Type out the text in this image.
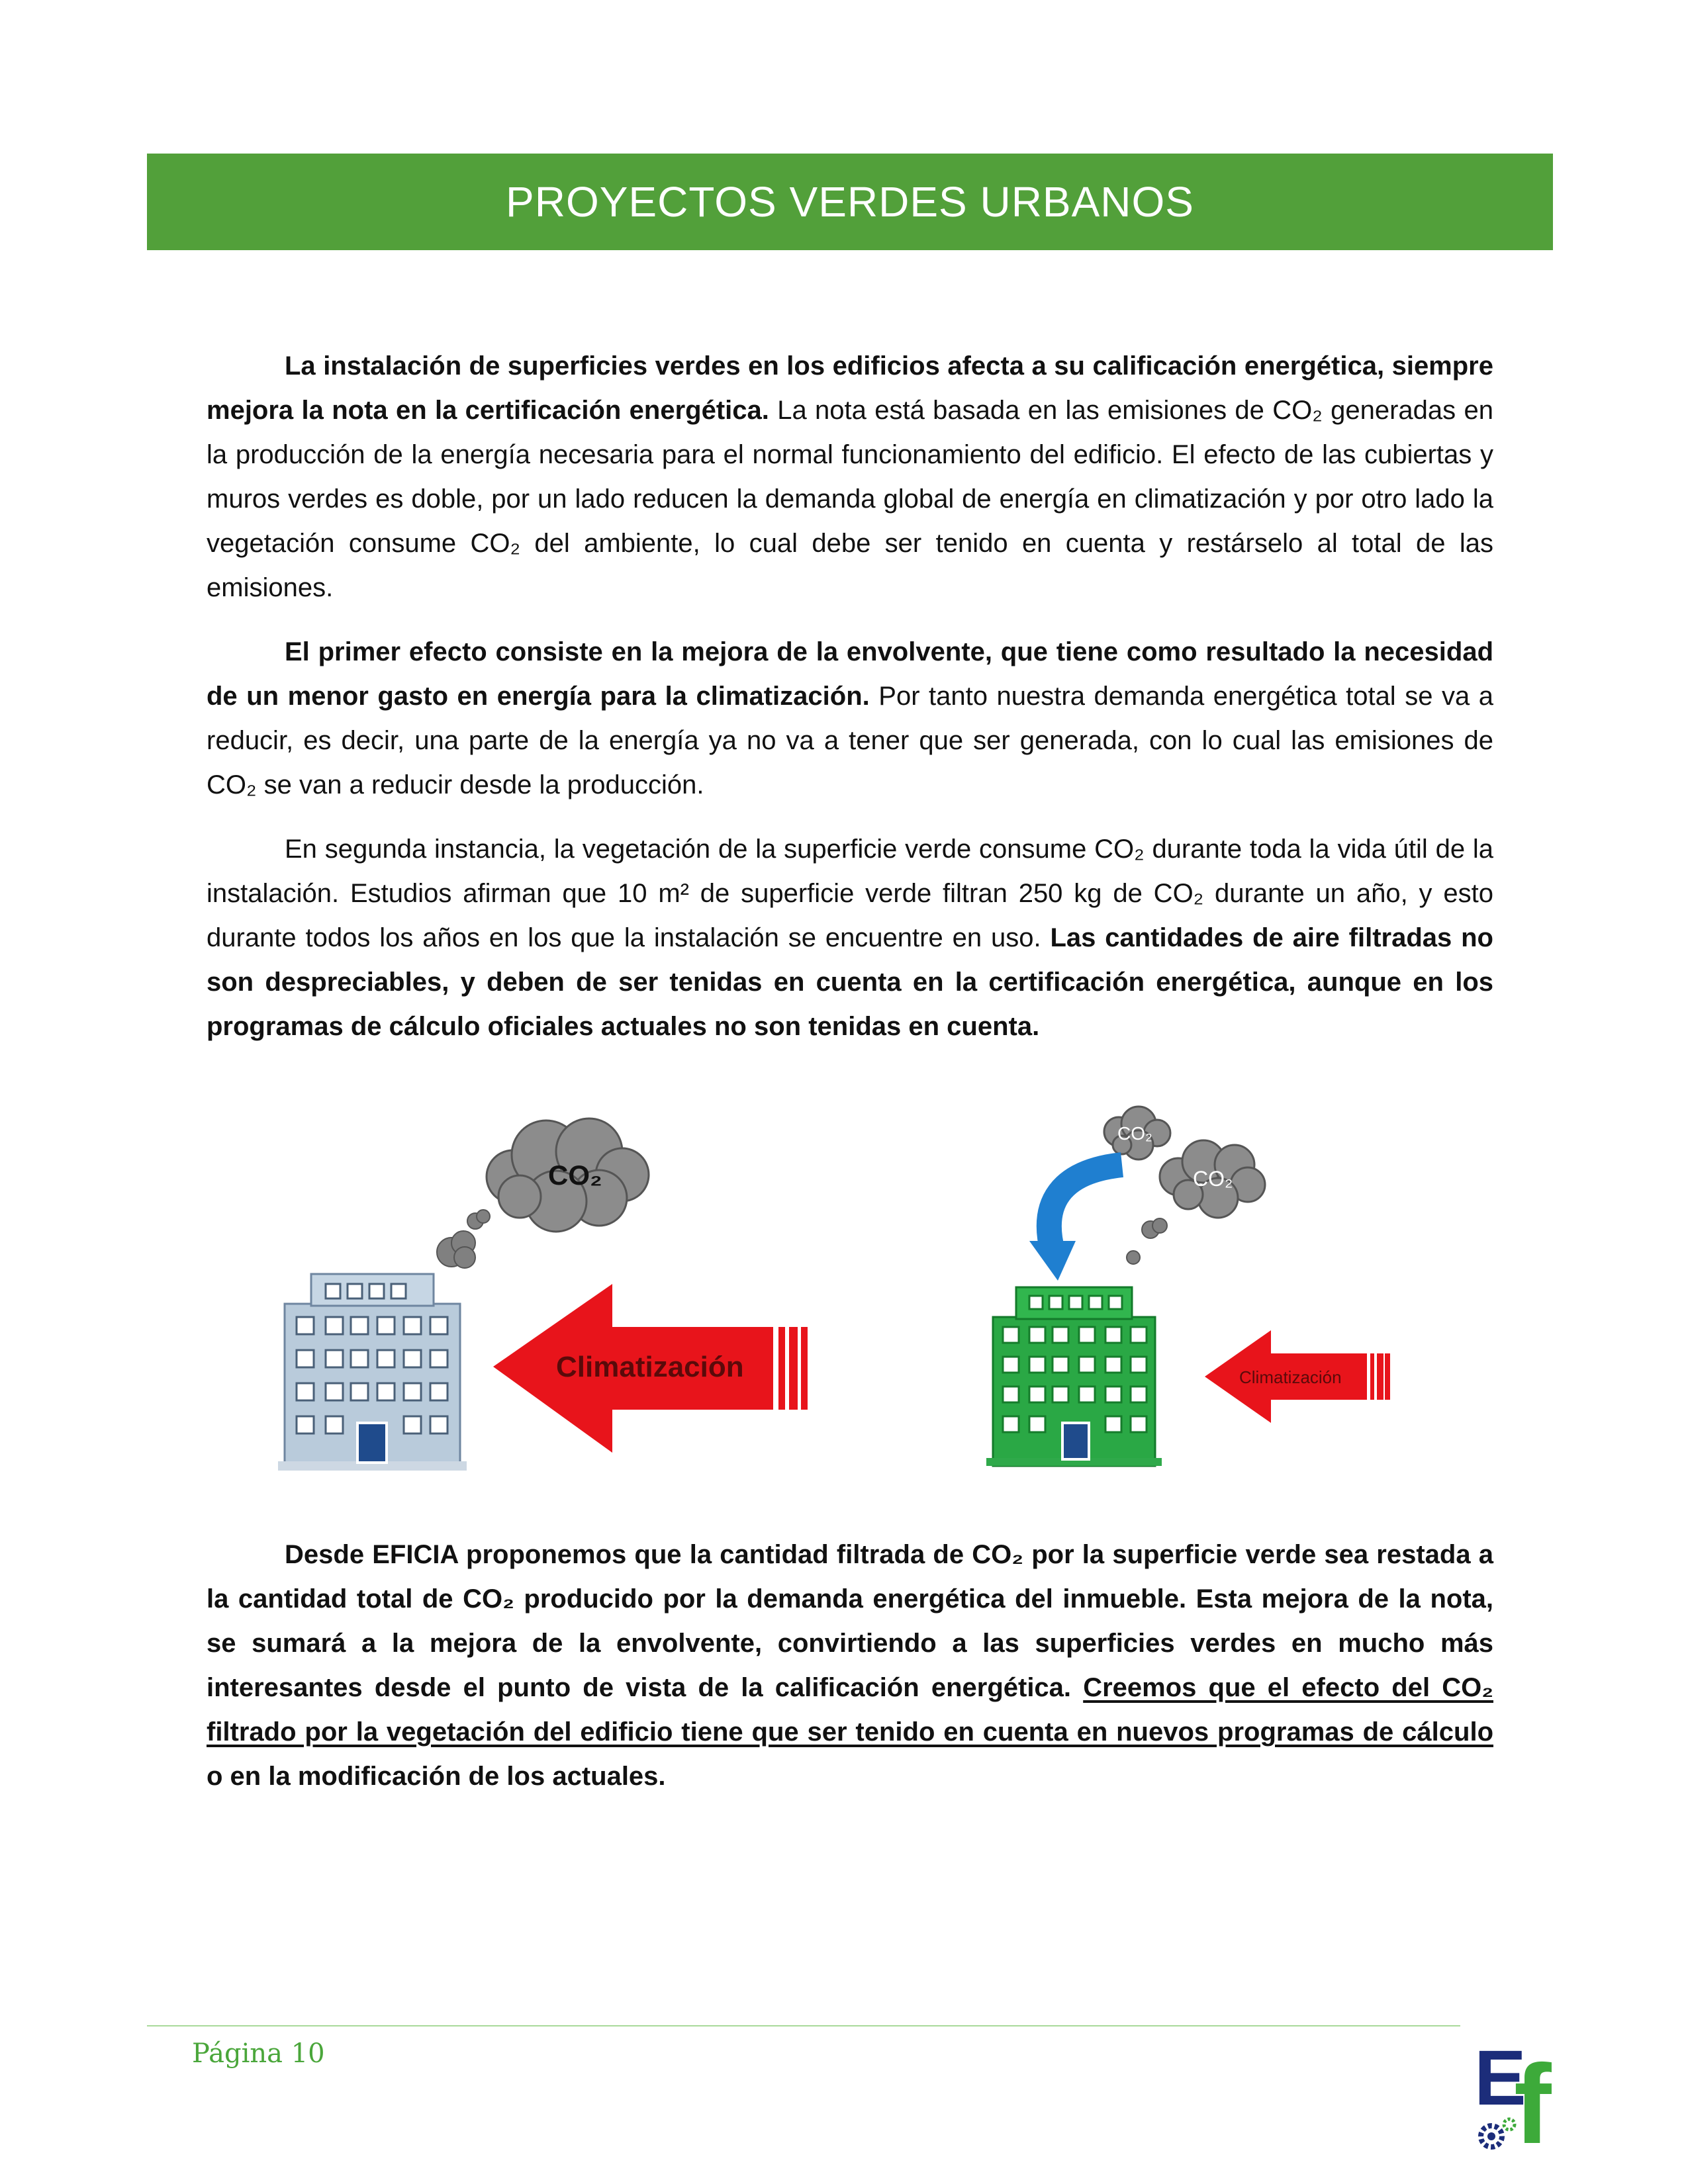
PROYECTOS VERDES URBANOS

La instalación de superficies verdes en los edificios afecta a su calificación energética, siempre mejora la nota en la certificación energética. La nota está basada en las emisiones de CO₂ generadas en la producción de la energía necesaria para el normal funcionamiento del edificio. El efecto de las cubiertas y muros verdes es doble, por un lado reducen la demanda global de energía en climatización y por otro lado la vegetación consume CO₂ del ambiente, lo cual debe ser tenido en cuenta y restárselo al total de las emisiones.

El primer efecto consiste en la mejora de la envolvente, que tiene como resultado la necesidad de un menor gasto en energía para la climatización. Por tanto nuestra demanda energética total se va a reducir, es decir, una parte de la energía ya no va a tener que ser generada, con lo cual las emisiones de CO₂ se van a reducir desde la producción.

En segunda instancia, la vegetación de la superficie verde consume CO₂ durante toda la vida útil de la instalación. Estudios afirman que 10 m² de superficie verde filtran 250 kg de CO₂ durante un año, y esto durante todos los años en los que la instalación se encuentre en uso. Las cantidades de aire filtradas no son despreciables, y deben de ser tenidas en cuenta en la certificación energética, aunque en los programas de cálculo oficiales actuales no son tenidas en cuenta.

CO₂
Climatización
CO₂
CO₂
Climatización

Desde EFICIA proponemos que la cantidad filtrada de CO₂ por la superficie verde sea restada a la cantidad total de CO₂ producido por la demanda energética del inmueble. Esta mejora de la nota, se sumará a la mejora de la envolvente, convirtiendo a las superficies verdes en mucho más interesantes desde el punto de vista de la calificación energética. Creemos que el efecto del CO₂ filtrado por la vegetación del edificio tiene que ser tenido en cuenta en nuevos programas de cálculo o en la modificación de los actuales.

Página 10	E
f
